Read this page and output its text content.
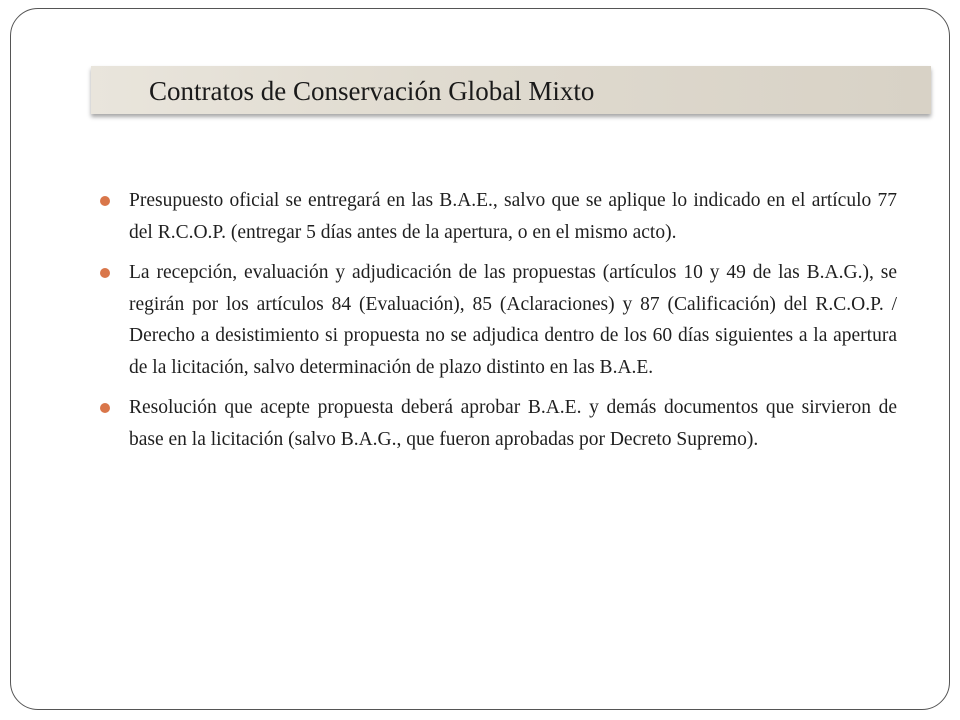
Contratos de Conservación Global Mixto
Presupuesto oficial se entregará en las B.A.E., salvo que se aplique lo indicado en el artículo 77 del R.C.O.P. (entregar 5 días antes de la apertura, o en el mismo acto).
La recepción, evaluación y adjudicación de las propuestas (artículos 10 y 49 de las B.A.G.), se regirán por los artículos 84 (Evaluación), 85 (Aclaraciones) y 87 (Calificación) del R.C.O.P. / Derecho a desistimiento si propuesta no se adjudica dentro de los 60 días siguientes a la apertura de la licitación, salvo determinación de plazo distinto en las B.A.E.
Resolución que acepte propuesta deberá aprobar B.A.E. y demás documentos que sirvieron de base en la licitación (salvo B.A.G., que fueron aprobadas por Decreto Supremo).
